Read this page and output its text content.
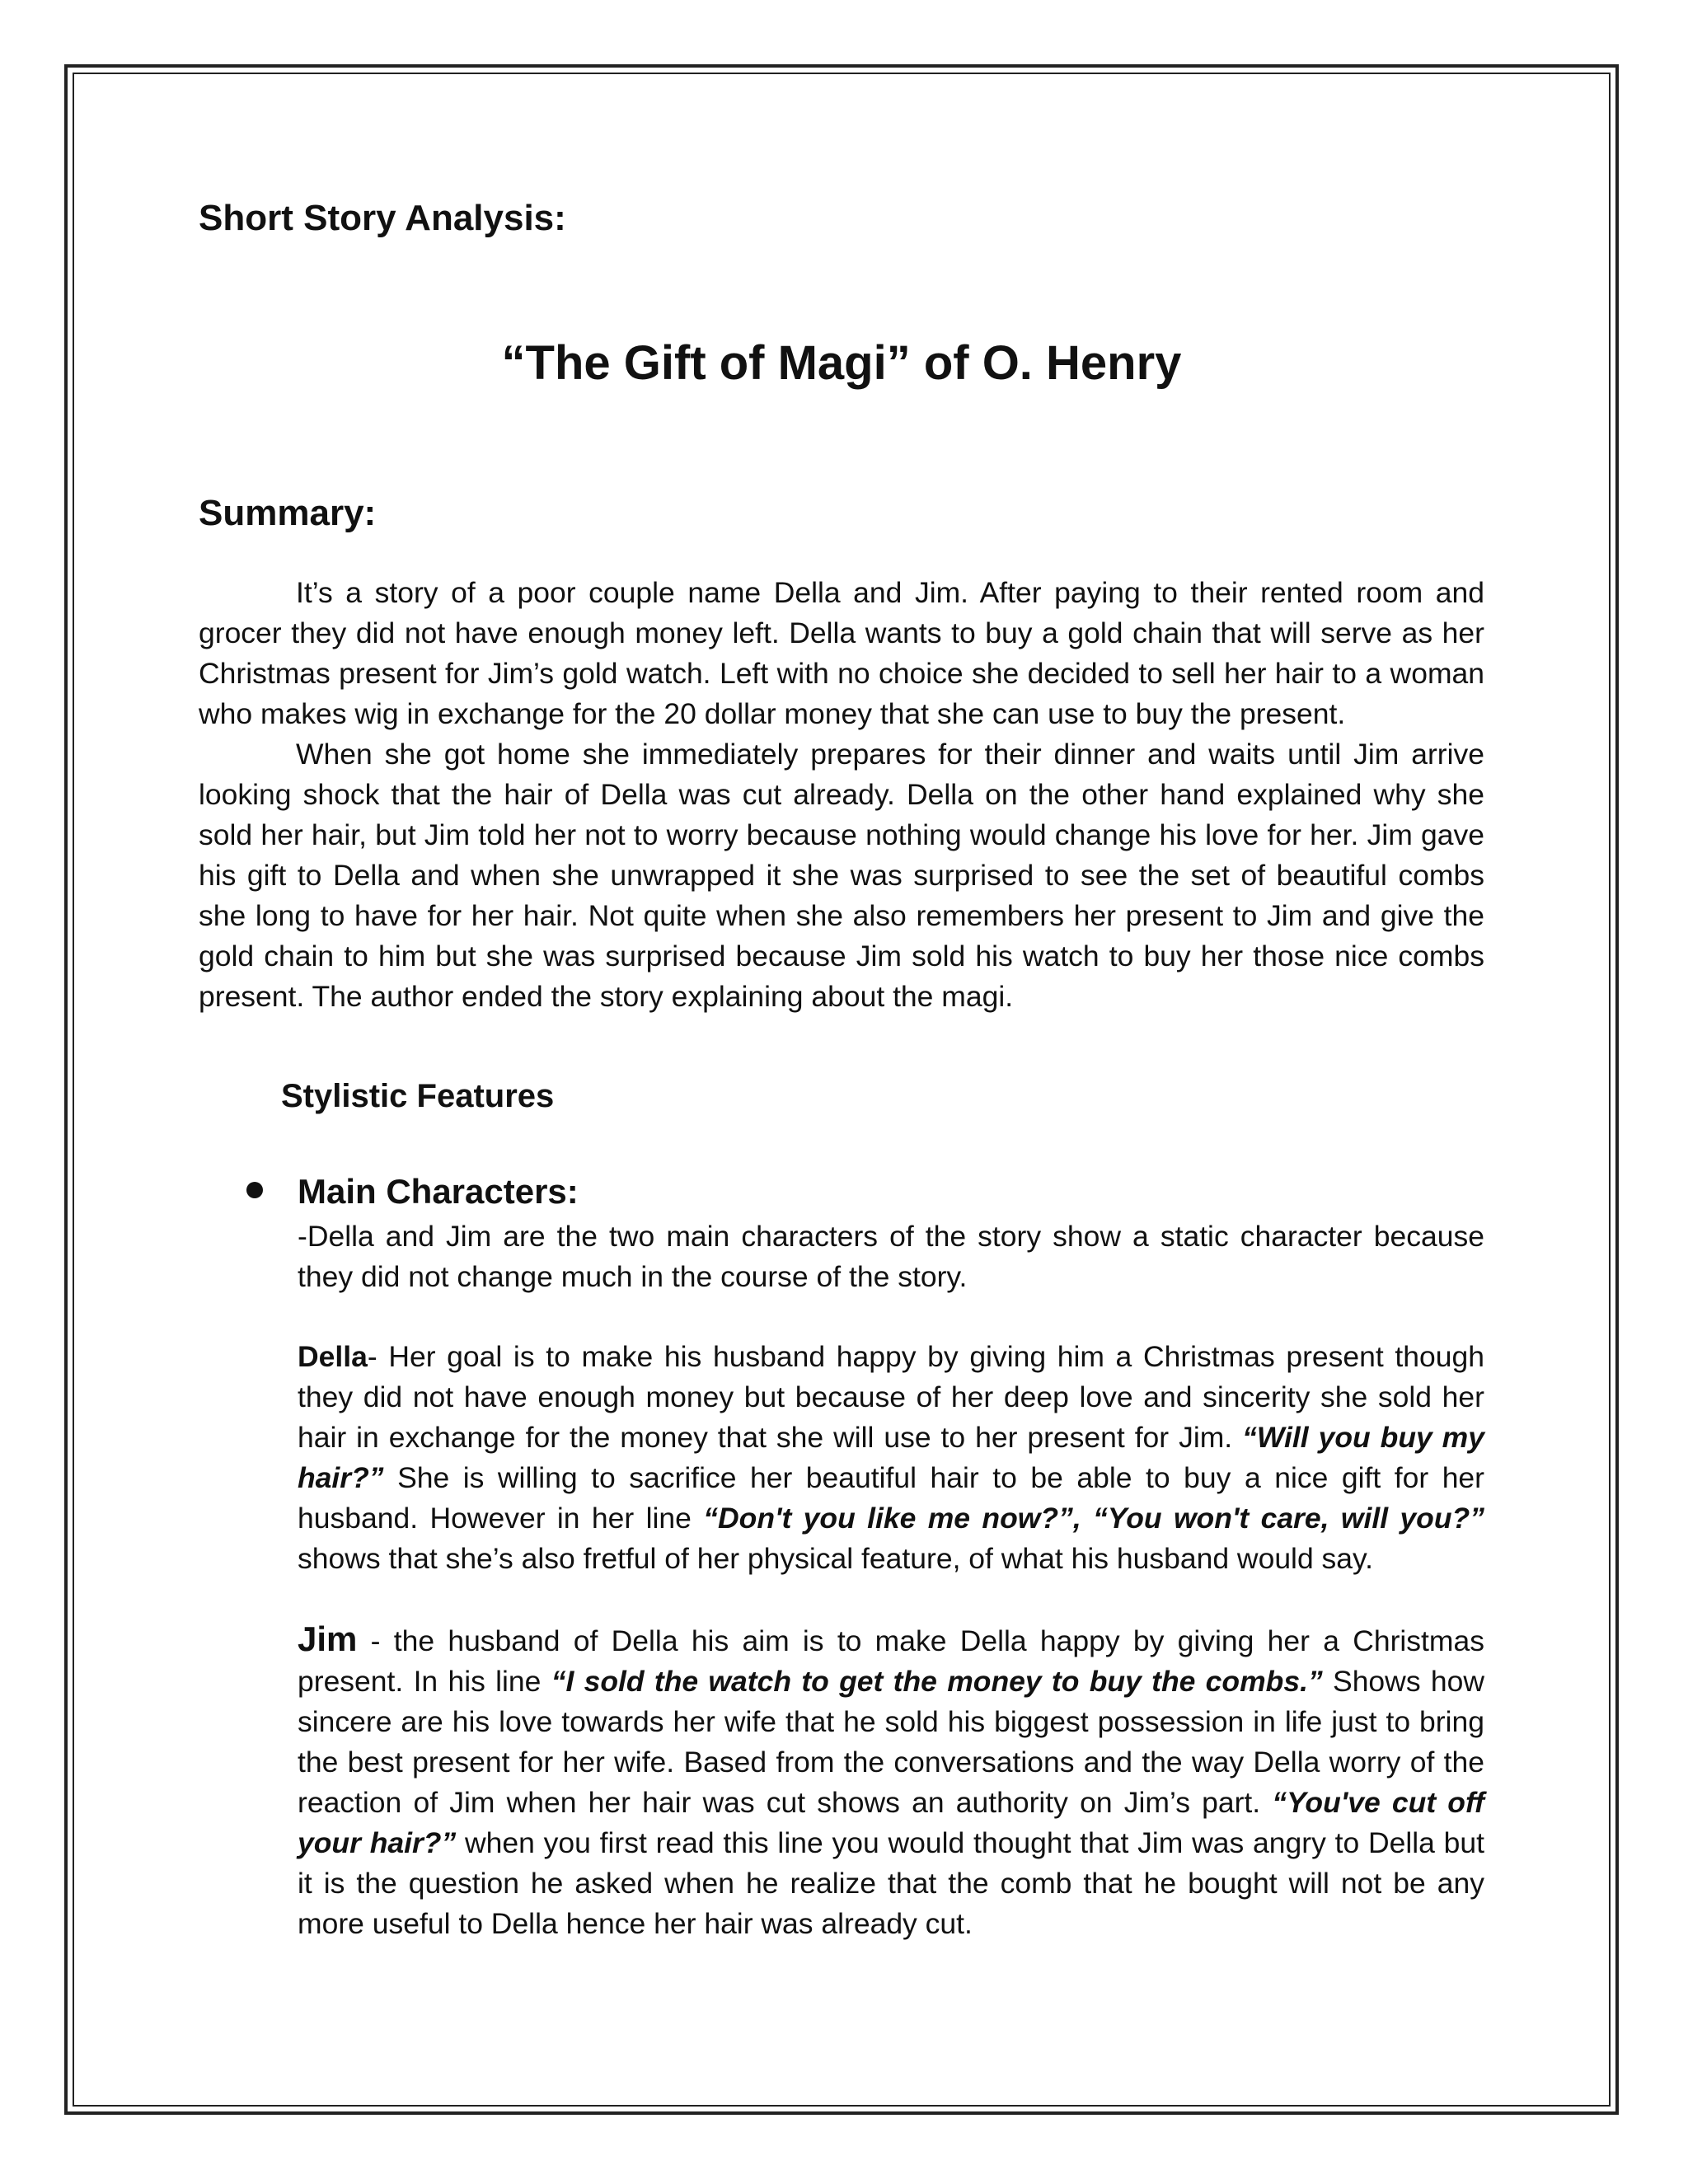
Short Story Analysis:
“The Gift of Magi” of O. Henry
Summary:

It’s a story of a poor couple name Della and Jim. After paying to their rented room and grocer they did not have enough money left. Della wants to buy a gold chain that will serve as her Christmas present for Jim’s gold watch. Left with no choice she decided to sell her hair to a woman who makes wig in exchange for the 20 dollar money that she can use to buy the present.

When she got home she immediately prepares for their dinner and waits until Jim arrive looking shock that the hair of Della was cut already. Della on the other hand explained why she sold her hair, but Jim told her not to worry because nothing would change his love for her. Jim gave his gift to Della and when she unwrapped it she was surprised to see the set of beautiful combs she long to have for her hair. Not quite when she also remembers her present to Jim and give the gold chain to him but she was surprised because Jim sold his watch to buy her those nice combs present. The author ended the story explaining about the magi.

Stylistic Features
Main Characters:

-Della and Jim are the two main characters of the story show a static character because they did not change much in the course of the story.

Della- Her goal is to make his husband happy by giving him a Christmas present though they did not have enough money but because of her deep love and sincerity she sold her hair in exchange for the money that she will use to her present for Jim. “Will you buy my hair?” She is willing to sacrifice her beautiful hair to be able to buy a nice gift for her husband. However in her line “Don't you like me now?”, “You won't care, will you?” shows that she’s also fretful of her physical feature, of what his husband would say.

Jim - the husband of Della his aim is to make Della happy by giving her a Christmas present. In his line “I sold the watch to get the money to buy the combs.” Shows how sincere are his love towards her wife that he sold his biggest possession in life just to bring the best present for her wife. Based from the conversations and the way Della worry of the reaction of Jim when her hair was cut shows an authority on Jim’s part. “You've cut off your hair?” when you first read this line you would thought that Jim was angry to Della but it is the question he asked when he realize that the comb that he bought will not be any more useful to Della hence her hair was already cut.
